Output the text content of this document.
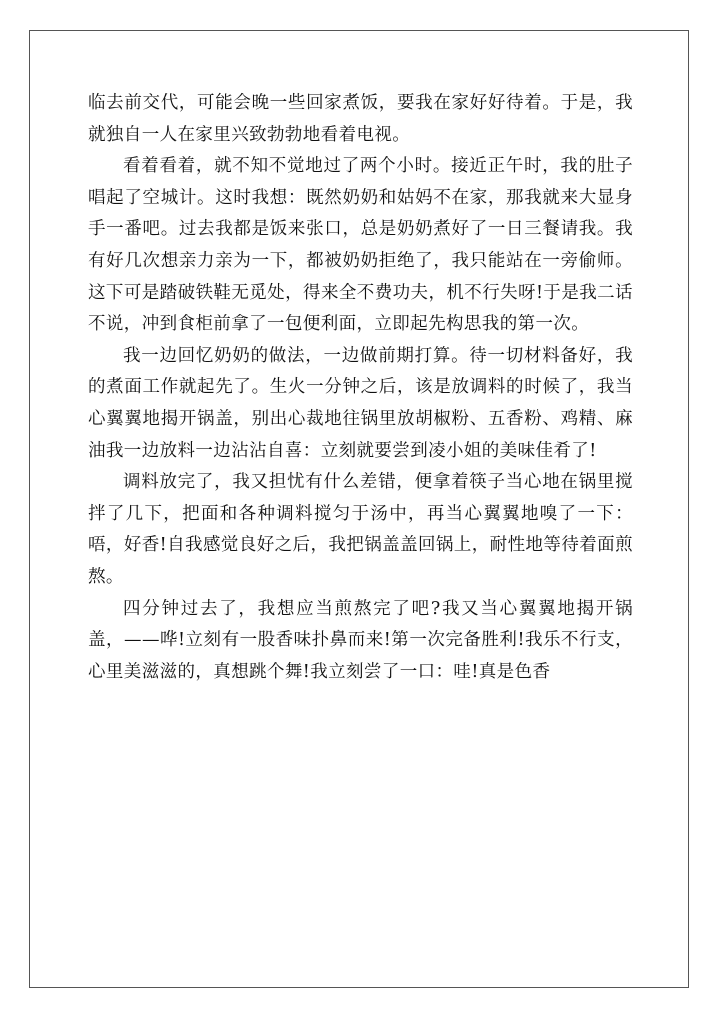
临去前交代，可能会晚一些回家煮饭，要我在家好好待着。于是，我就独自一人在家里兴致勃勃地看着电视。

看着看着，就不知不觉地过了两个小时。接近正午时，我的肚子唱起了空城计。这时我想：既然奶奶和姑妈不在家，那我就来大显身手一番吧。过去我都是饭来张口，总是奶奶煮好了一日三餐请我。我有好几次想亲力亲为一下，都被奶奶拒绝了，我只能站在一旁偷师。这下可是踏破铁鞋无觅处，得来全不费功夫，机不行失呀!于是我二话不说，冲到食柜前拿了一包便利面，立即起先构思我的第一次。

我一边回忆奶奶的做法，一边做前期打算。待一切材料备好，我的煮面工作就起先了。生火一分钟之后，该是放调料的时候了，我当心翼翼地揭开锅盖，别出心裁地往锅里放胡椒粉、五香粉、鸡精、麻油我一边放料一边沾沾自喜：立刻就要尝到凌小姐的美味佳肴了!

调料放完了，我又担忧有什么差错，便拿着筷子当心地在锅里搅拌了几下，把面和各种调料搅匀于汤中，再当心翼翼地嗅了一下：唔，好香!自我感觉良好之后，我把锅盖盖回锅上，耐性地等待着面煎熬。

四分钟过去了，我想应当煎熬完了吧?我又当心翼翼地揭开锅盖，——哗!立刻有一股香味扑鼻而来!第一次完备胜利!我乐不行支，心里美滋滋的，真想跳个舞!我立刻尝了一口：哇!真是色香
